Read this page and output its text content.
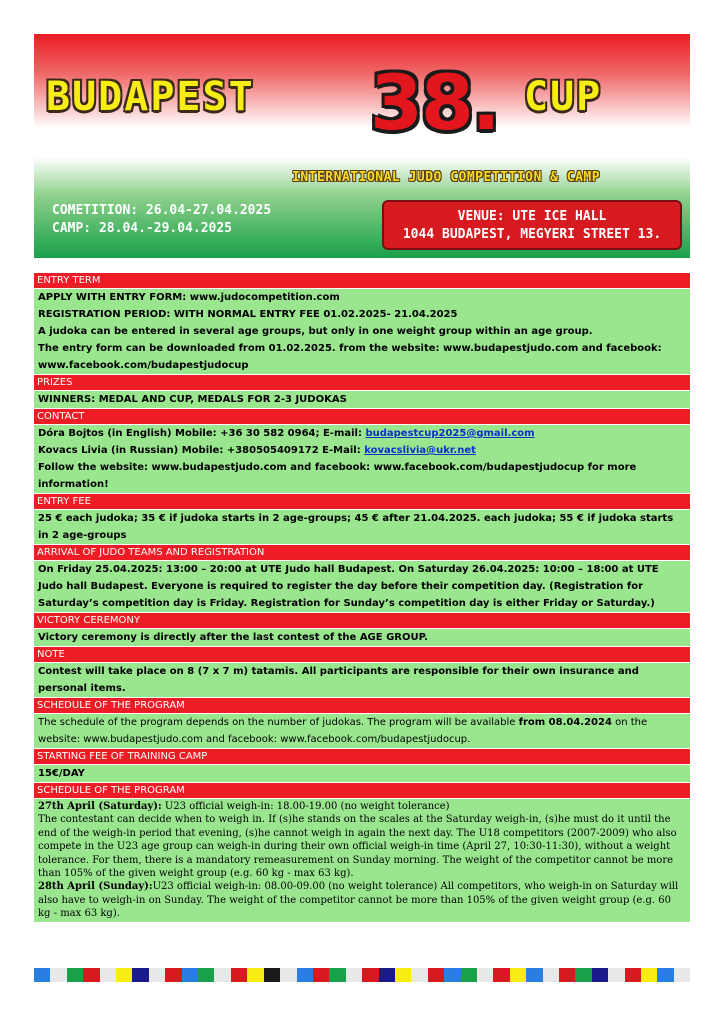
BUDAPEST 38. CUP
INTERNATIONAL JUDO COMPETITION & CAMP
COMETITION: 26.04-27.04.2025
CAMP: 28.04.-29.04.2025
VENUE: UTE ICE HALL
1044 BUDAPEST, MEGYERI STREET 13.
ENTRY TERM
APPLY WITH ENTRY FORM: www.judocompetition.com
REGISTRATION PERIOD: WITH NORMAL ENTRY FEE 01.02.2025- 21.04.2025
A judoka can be entered in several age groups, but only in one weight group within an age group.
The entry form can be downloaded from 01.02.2025. from the website: www.budapestjudo.com and facebook: www.facebook.com/budapestjudocup
PRIZES
WINNERS: MEDAL AND CUP, MEDALS FOR 2-3 JUDOKAS
CONTACT
Dóra Bojtos (in English) Mobile: +36 30 582 0964; E-mail: budapestcup2025@gmail.com
Kovacs Livia (in Russian) Mobile: +380505409172 E-Mail: kovacslivia@ukr.net
Follow the website: www.budapestjudo.com and facebook: www.facebook.com/budapestjudocup for more information!
ENTRY FEE
25 € each judoka; 35 € if judoka starts in 2 age-groups; 45 € after 21.04.2025. each judoka; 55 € if judoka starts in 2 age-groups
ARRIVAL OF JUDO TEAMS AND REGISTRATION
On Friday 25.04.2025: 13:00 – 20:00 at UTE Judo hall Budapest. On Saturday 26.04.2025: 10:00 – 18:00 at UTE Judo hall Budapest. Everyone is required to register the day before their competition day. (Registration for Saturday’s competition day is Friday. Registration for Sunday’s competition day is either Friday or Saturday.)
VICTORY CEREMONY
Victory ceremony is directly after the last contest of the AGE GROUP.
NOTE
Contest will take place on 8 (7 x 7 m) tatamis. All participants are responsible for their own insurance and personal items.
SCHEDULE OF THE PROGRAM
The schedule of the program depends on the number of judokas. The program will be available from 08.04.2024 on the website: www.budapestjudo.com and facebook: www.facebook.com/budapestjudocup.
STARTING FEE OF TRAINING CAMP
15€/DAY
SCHEDULE OF THE PROGRAM
27th April (Saturday): U23 official weigh-in: 18.00-19.00 (no weight tolerance)
The contestant can decide when to weigh in. If (s)he stands on the scales at the Saturday weigh-in, (s)he must do it until the end of the weigh-in period that evening, (s)he cannot weigh in again the next day. The U18 competitors (2007-2009) who also compete in the U23 age group can weigh-in during their own official weigh-in time (April 27, 10:30-11:30), without a weight tolerance. For them, there is a mandatory remeasurement on Sunday morning. The weight of the competitor cannot be more than 105% of the given weight group (e.g. 60 kg - max 63 kg).
28th April (Sunday):U23 official weigh-in: 08.00-09.00 (no weight tolerance) All competitors, who weigh-in on Saturday will also have to weigh-in on Sunday. The weight of the competitor cannot be more than 105% of the given weight group (e.g. 60 kg - max 63 kg).
